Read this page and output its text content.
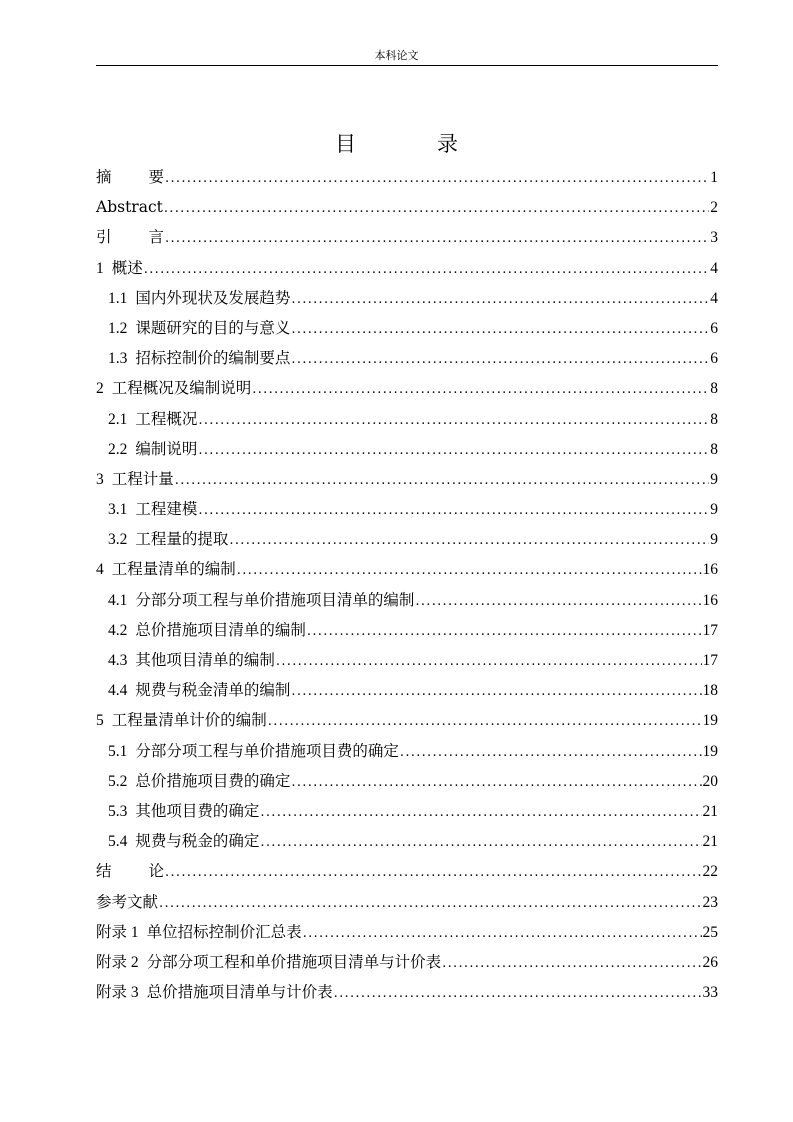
本科论文
目　录
摘要 .....	1
Abstract .....	2
引言 .....	3
1 概述 .....	4
1.1 国内外现状及发展趋势 .....	4
1.2 课题研究的目的与意义 .....	6
1.3 招标控制价的编制要点 .....	6
2 工程概况及编制说明 .....	8
2.1 工程概况 .....	8
2.2 编制说明 .....	8
3 工程计量 .....	9
3.1 工程建模 .....	9
3.2 工程量的提取 .....	9
4 工程量清单的编制 .....	16
4.1 分部分项工程与单价措施项目清单的编制 .....	16
4.2 总价措施项目清单的编制 .....	17
4.3 其他项目清单的编制 .....	17
4.4 规费与税金清单的编制 .....	18
5 工程量清单计价的编制 .....	19
5.1 分部分项工程与单价措施项目费的确定 .....	19
5.2 总价措施项目费的确定 .....	20
5.3 其他项目费的确定 .....	21
5.4 规费与税金的确定 .....	21
结论 .....	22
参考文献 .....	23
附录 1 单位招标控制价汇总表 .....	25
附录 2 分部分项工程和单价措施项目清单与计价表 .....	26
附录 3 总价措施项目清单与计价表 .....	33
